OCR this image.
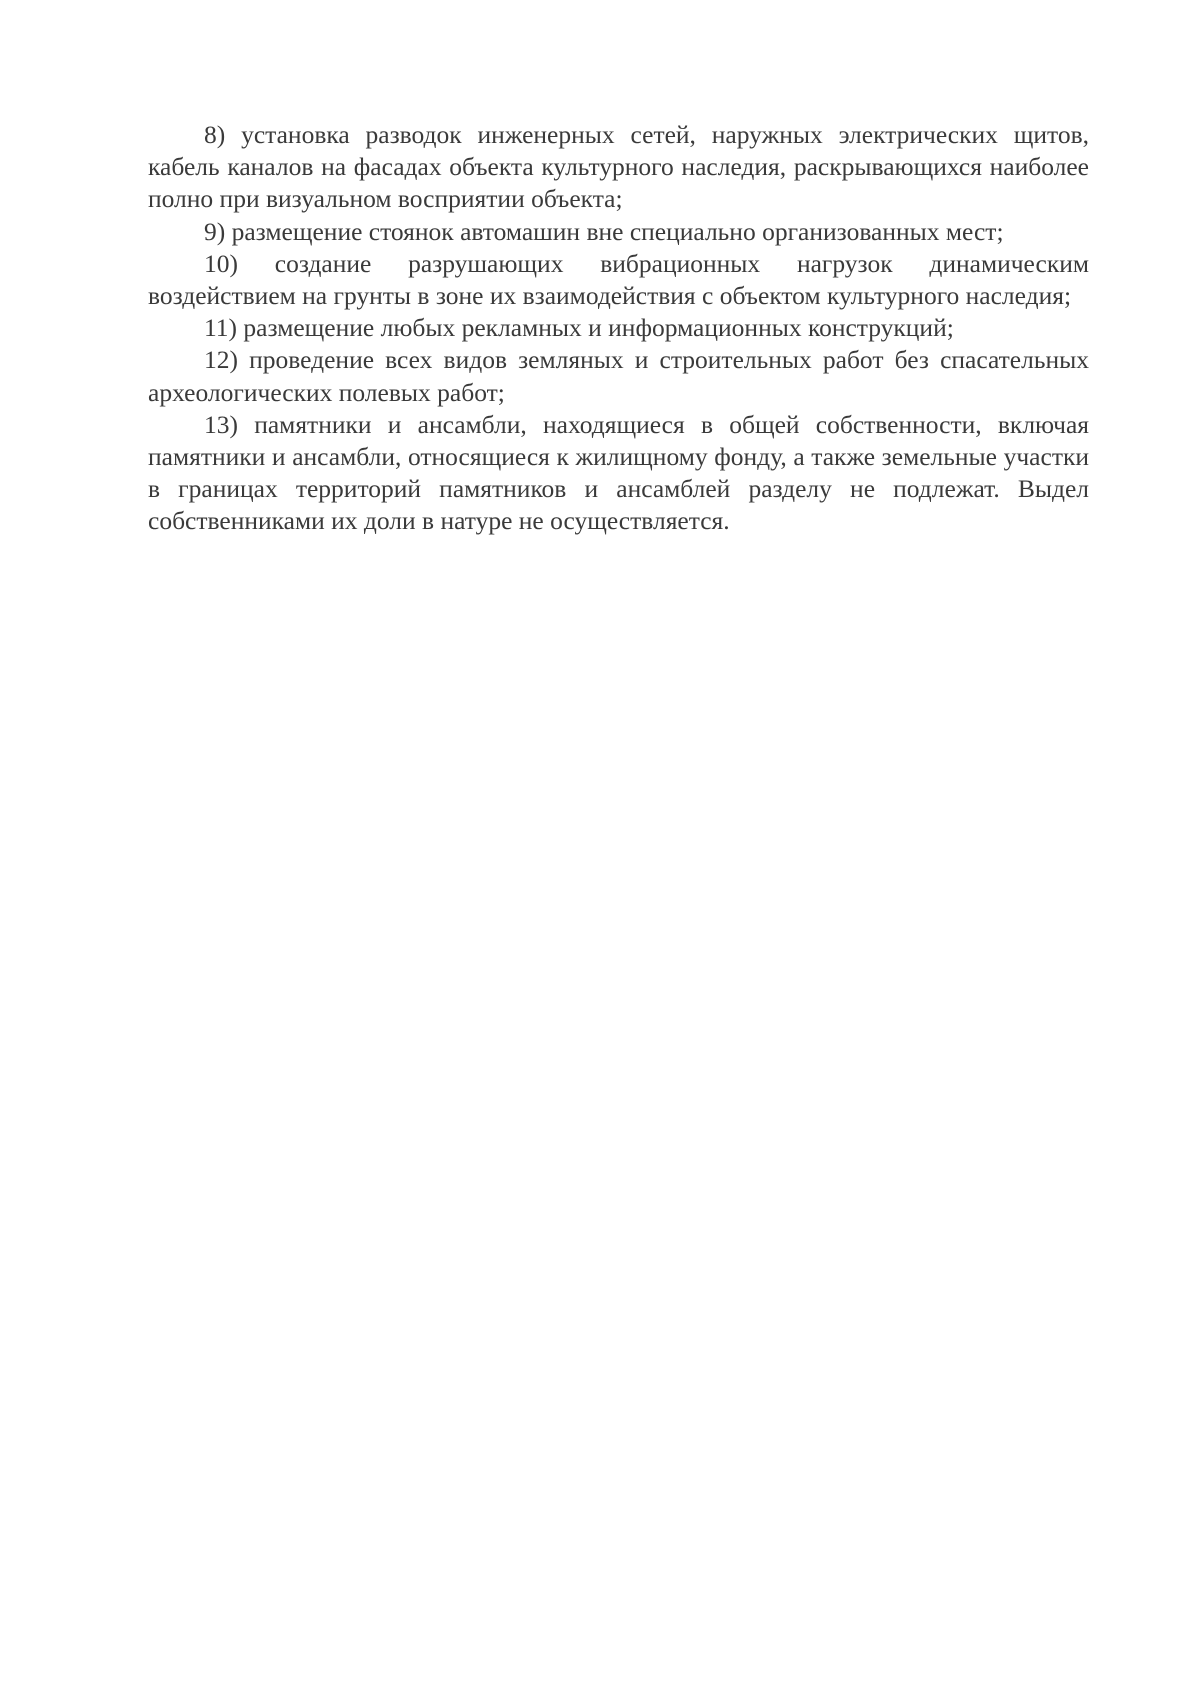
8) установка разводок инженерных сетей, наружных электрических щитов, кабель каналов на фасадах объекта культурного наследия, раскрывающихся наиболее полно при визуальном восприятии объекта;

9) размещение стоянок автомашин вне специально организованных мест;

10) создание разрушающих вибрационных нагрузок динамическим воздействием на грунты в зоне их взаимодействия с объектом культурного наследия;

11) размещение любых рекламных и информационных конструкций;

12) проведение всех видов земляных и строительных работ без спасательных археологических полевых работ;

13) памятники и ансамбли, находящиеся в общей собственности, включая памятники и ансамбли, относящиеся к жилищному фонду, а также земельные участки в границах территорий памятников и ансамблей разделу не подлежат. Выдел собственниками их доли в натуре не осуществляется.
